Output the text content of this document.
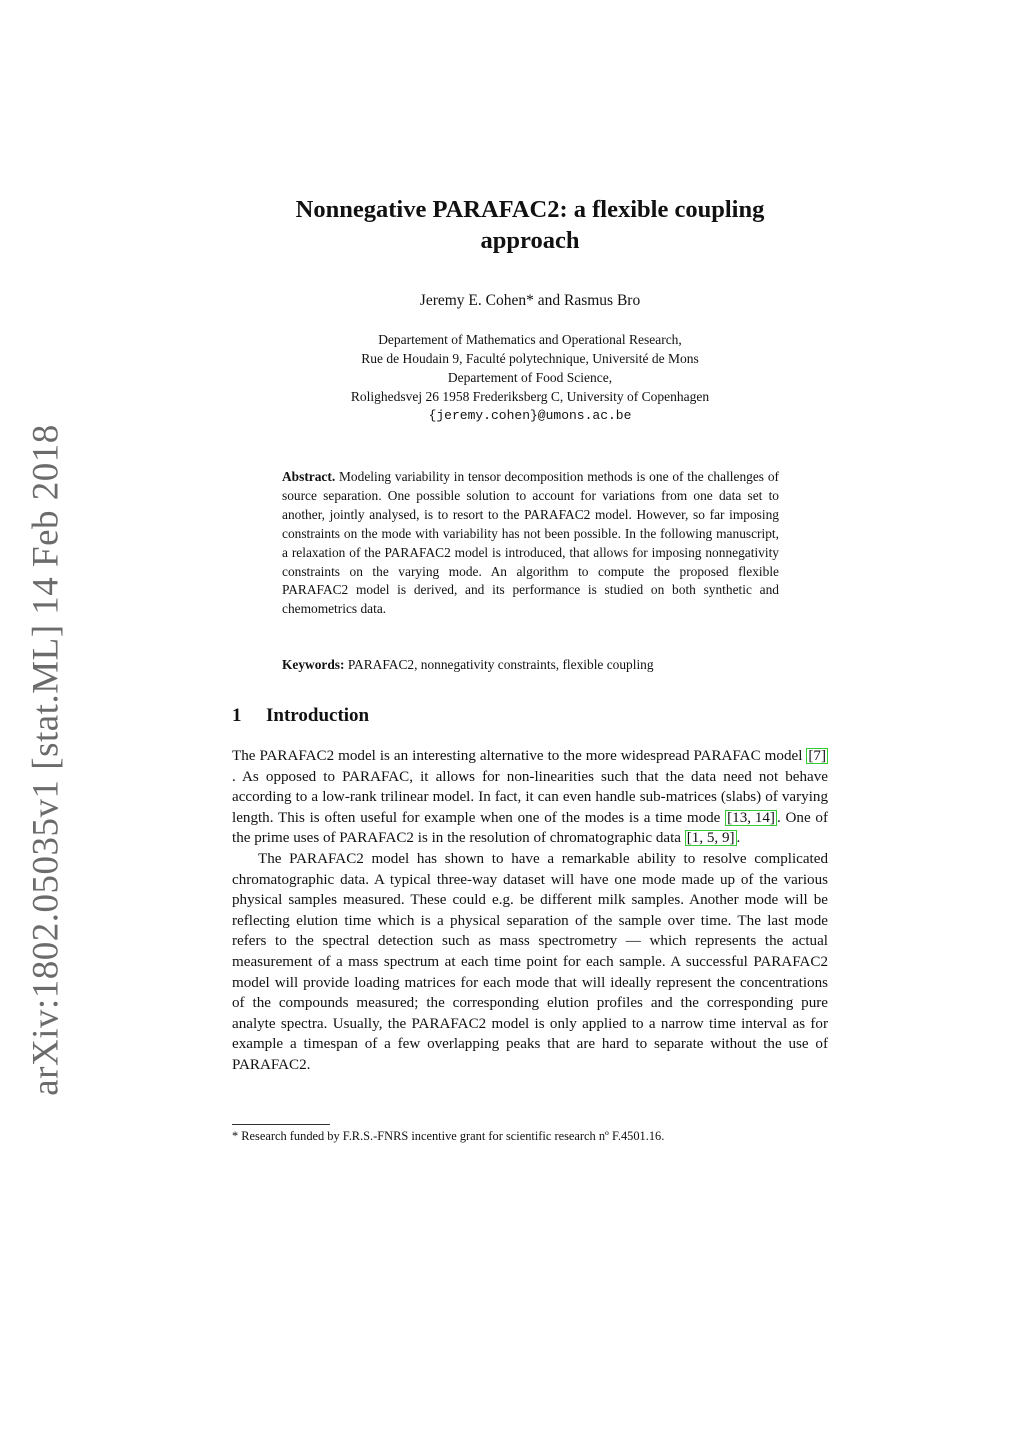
arXiv:1802.05035v1 [stat.ML] 14 Feb 2018
Nonnegative PARAFAC2: a flexible coupling
approach
Jeremy E. Cohen* and Rasmus Bro
Departement of Mathematics and Operational Research,
Rue de Houdain 9, Faculté polytechnique, Université de Mons
Departement of Food Science,
Rolighedsvej 26 1958 Frederiksberg C, University of Copenhagen
{jeremy.cohen}@umons.ac.be
Abstract. Modeling variability in tensor decomposition methods is one of the challenges of source separation. One possible solution to account for variations from one data set to another, jointly analysed, is to resort to the PARAFAC2 model. However, so far imposing constraints on the mode with variability has not been possible. In the following manuscript, a relaxation of the PARAFAC2 model is introduced, that allows for imposing nonnegativity constraints on the varying mode. An algorithm to compute the proposed flexible PARAFAC2 model is derived, and its performance is studied on both synthetic and chemometrics data.
Keywords: PARAFAC2, nonnegativity constraints, flexible coupling
1 Introduction

The PARAFAC2 model is an interesting alternative to the more widespread PARAFAC model [7]. As opposed to PARAFAC, it allows for non-linearities such that the data need not behave according to a low-rank trilinear model. In fact, it can even handle sub-matrices (slabs) of varying length. This is often useful for example when one of the modes is a time mode [13, 14] . One of the prime uses of PARAFAC2 is in the resolution of chromatographic data [1, 5, 9] .

The PARAFAC2 model has shown to have a remarkable ability to resolve complicated chromatographic data. A typical three-way dataset will have one mode made up of the various physical samples measured. These could e.g. be different milk samples. Another mode will be reflecting elution time which is a physical separation of the sample over time. The last mode refers to the spectral detection such as mass spectrometry — which represents the actual measurement of a mass spectrum at each time point for each sample. A successful PARAFAC2 model will provide loading matrices for each mode that will ideally represent the concentrations of the compounds measured; the corresponding elution profiles and the corresponding pure analyte spectra. Usually, the PARAFAC2 model is only applied to a narrow time interval as for example a timespan of a few overlapping peaks that are hard to separate without the use of PARAFAC2.

* Research funded by F.R.S.-FNRS incentive grant for scientific research nº F.4501.16.
